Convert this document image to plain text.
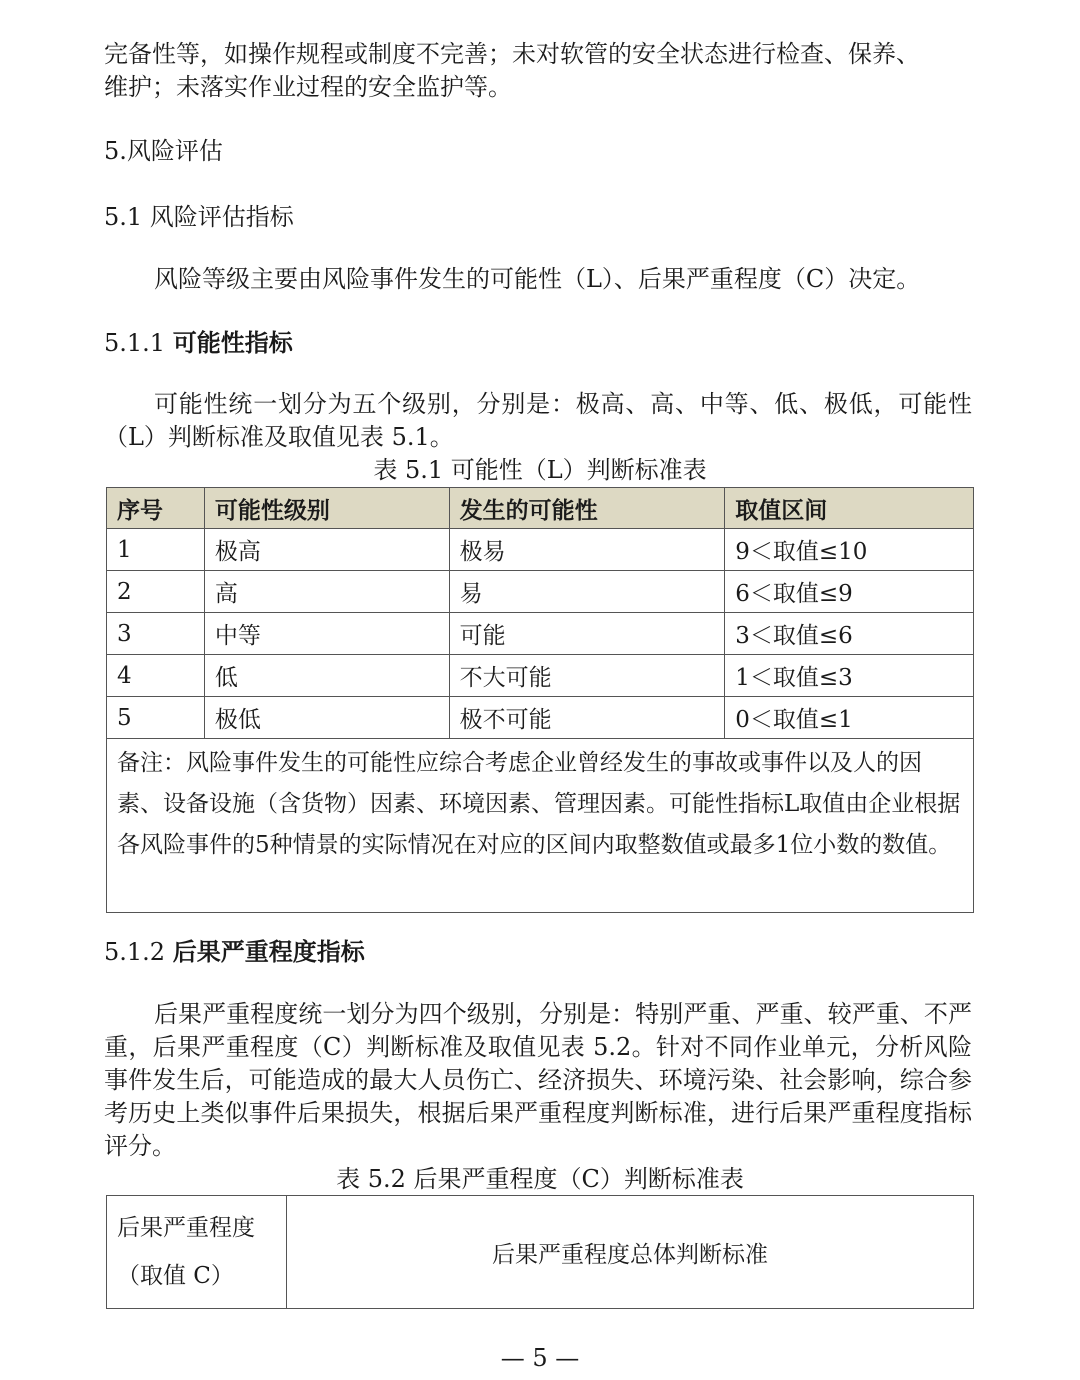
完备性等，如操作规程或制度不完善；未对软管的安全状态进行检查、保养、
维护；未落实作业过程的安全监护等。
5.风险评估
5.1 风险评估指标
风险等级主要由风险事件发生的可能性（L）、后果严重程度（C）决定。
5.1.1 可能性指标
可能性统一划分为五个级别，分别是：极高、高、中等、低、极低，可能性（L）判断标准及取值见表 5.1。
表 5.1 可能性（L）判断标准表
序号	可能性级别	发生的可能性	取值区间
1	极高	极易	9＜取值≤10
2	高	易	6＜取值≤9
3	中等	可能	3＜取值≤6
4	低	不大可能	1＜取值≤3
5	极低	极不可能	0＜取值≤1
备注：风险事件发生的可能性应综合考虑企业曾经发生的事故或事件以及人的因素、设备设施（含货物）因素、环境因素、管理因素。可能性指标L取值由企业根据各风险事件的5种情景的实际情况在对应的区间内取整数值或最多1位小数的数值。			
5.1.2 后果严重程度指标
后果严重程度统一划分为四个级别，分别是：特别严重、严重、较严重、不严重，后果严重程度（C）判断标准及取值见表 5.2。针对不同作业单元，分析风险事件发生后，可能造成的最大人员伤亡、经济损失、环境污染、社会影响，综合参考历史上类似事件后果损失，根据后果严重程度判断标准，进行后果严重程度指标评分。
表 5.2 后果严重程度（C）判断标准表
后果严重程度
（取值 C）
	后果严重程度总体判断标准
— 5 —
